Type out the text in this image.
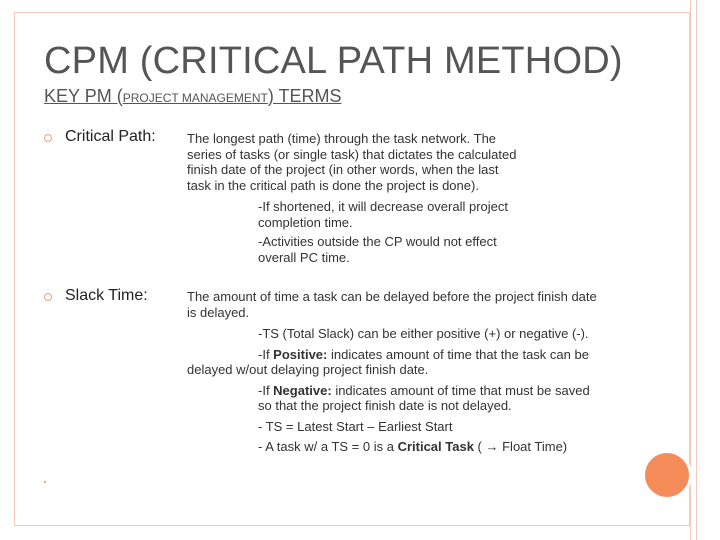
CPM (CRITICAL PATH METHOD)
KEY PM (PROJECT MANAGEMENT) TERMS
Critical Path: The longest path (time) through the task network. The series of tasks (or single task) that dictates the calculated finish date of the project (in other words, when the last task in the critical path is done the project is done).

-If shortened, it will decrease overall project completion time.

-Activities outside the CP would not effect overall PC time.

Slack Time:	The amount of time a task can be delayed before the project finish date is delayed.

-TS (Total Slack) can be either positive (+) or negative (-).

-If Positive: indicates amount of time that the task can be delayed w/out delaying project finish date.

-If Negative: indicates amount of time that must be saved so that the project finish date is not delayed.

- TS = Latest Start – Earliest Start

- A task w/ a TS = 0 is a Critical Task ( → Float Time)
